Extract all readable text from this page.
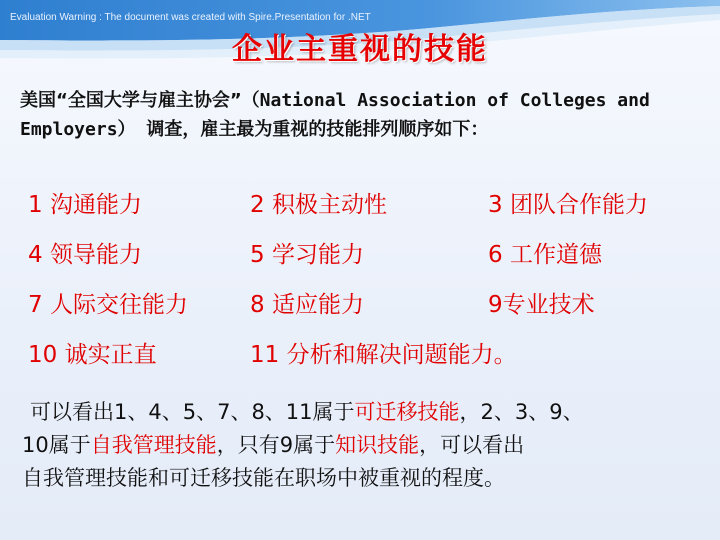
Evaluation Warning : The document was created with Spire.Presentation for .NET
企业主重视的技能
美国“全国大学与雇主协会”（National Association of Colleges and Employers） 调查，雇主最为重视的技能排列顺序如下：
1 沟通能力	2 积极主动性	3 团队合作能力
4 领导能力	5 学习能力	6 工作道德
7 人际交往能力	8 适应能力	9专业技术
10 诚实正直	11 分析和解决问题能力。
可以看出1、4、5、7、8、11属于可迁移技能，2、3、9、
10属于自我管理技能，只有9属于知识技能，可以看出
自我管理技能和可迁移技能在职场中被重视的程度。
